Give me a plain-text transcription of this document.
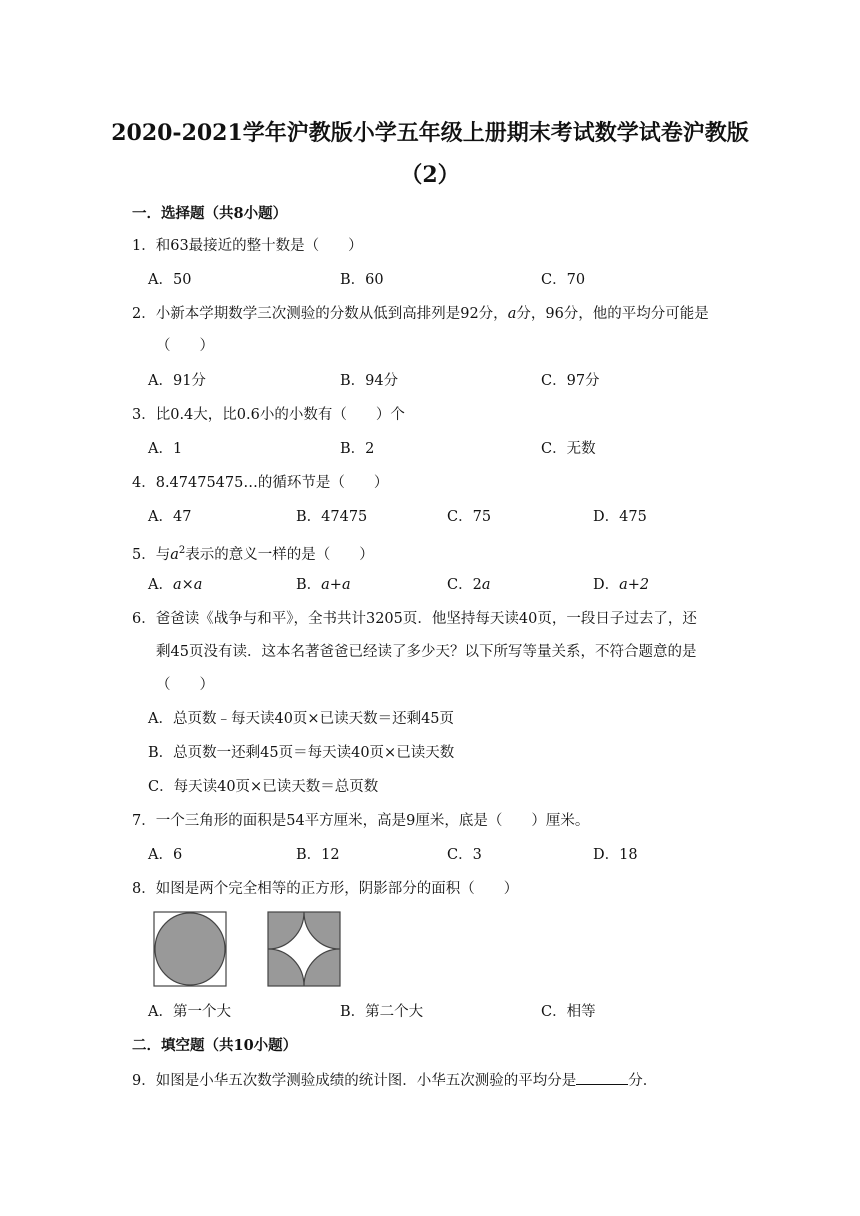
2020-2021学年沪教版小学五年级上册期末考试数学试卷沪教版
（2）
一．选择题（共8小题）
1．和63最接近的整十数是（　　）
A．50	B．60	C．70
2．小新本学期数学三次测验的分数从低到高排列是92分，a分，96分，他的平均分可能是
（　　）
A．91分	B．94分	C．97分
3．比0.4大，比0.6小的小数有（　　）个
A．1	B．2	C．无数
4．8.47475475…的循环节是（　　）
A．47	B．47475	C．75	D．475
5．与$a^2$表示的意义一样的是（　　）
A．a×a	B．a+a	C．2a	D．a+2
6．爸爸读《战争与和平》，全书共计3205页．他坚持每天读40页，一段日子过去了，还
剩45页没有读．这本名著爸爸已经读了多少天？以下所写等量关系，不符合题意的是
（　　）
A．总页数﹣每天读40页×已读天数＝还剩45页
B．总页数一还剩45页＝每天读40页×已读天数
C．每天读40页×已读天数＝总页数
7．一个三角形的面积是54平方厘米，高是9厘米，底是（　　）厘米。
A．6	B．12	C．3	D．18
8．如图是两个完全相等的正方形，阴影部分的面积（　　）
A．第一个大	B．第二个大	C．相等
二．填空题（共10小题）
9．如图是小华五次数学测验成绩的统计图．小华五次测验的平均分是	分．
